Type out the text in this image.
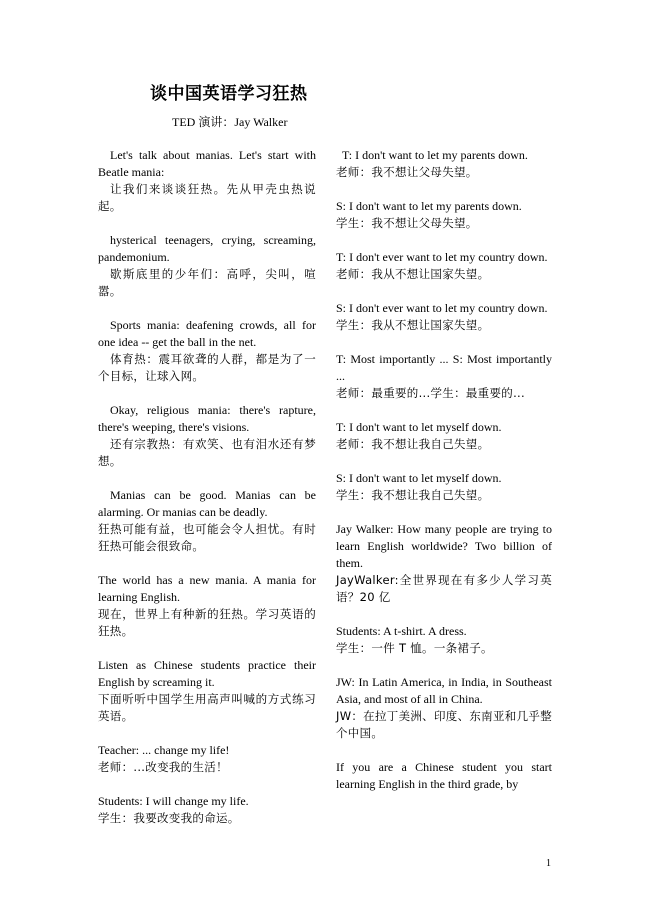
谈中国英语学习狂热
TED 演讲：Jay Walker

Let's talk about manias. Let's start with Beatle mania:

让我们来谈谈狂热。先从甲壳虫热说起。

hysterical teenagers, crying, screaming, pandemonium.

歇斯底里的少年们：高呼，尖叫，喧嚣。

Sports mania: deafening crowds, all for one idea -- get the ball in the net.

体育热：震耳欲聋的人群，都是为了一个目标，让球入网。

Okay, religious mania: there's rapture, there's weeping, there's visions.

还有宗教热：有欢笑、也有泪水还有梦想。

Manias can be good. Manias can be alarming. Or manias can be deadly.

狂热可能有益，也可能会令人担忧。有时狂热可能会很致命。

The world has a new mania. A mania for learning English.

现在，世界上有种新的狂热。学习英语的狂热。

Listen as Chinese students practice their English by screaming it.

下面听听中国学生用高声叫喊的方式练习英语。

Teacher: ... change my life!

老师：...改变我的生活！

Students: I will change my life.

学生：我要改变我的命运。

T: I don't want to let my parents down.

老师：我不想让父母失望。

S: I don't want to let my parents down.

学生：我不想让父母失望。

T: I don't ever want to let my country down.

老师：我从不想让国家失望。

S: I don't ever want to let my country down.

学生：我从不想让国家失望。

T: Most importantly ... S: Most importantly ...

老师：最重要的...学生：最重要的...

T: I don't want to let myself down.

老师：我不想让我自己失望。

S: I don't want to let myself down.

学生：我不想让我自己失望。

Jay Walker: How many people are trying to learn English worldwide? Two billion of them.

JayWalker:全世界现在有多少人学习英语？20 亿

Students: A t-shirt. A dress.

学生：一件 T 恤。一条裙子。

JW: In Latin America, in India, in Southeast Asia, and most of all in China.

JW：在拉丁美洲、印度、东南亚和几乎整个中国。

If you are a Chinese student you start learning English in the third grade, by

1
